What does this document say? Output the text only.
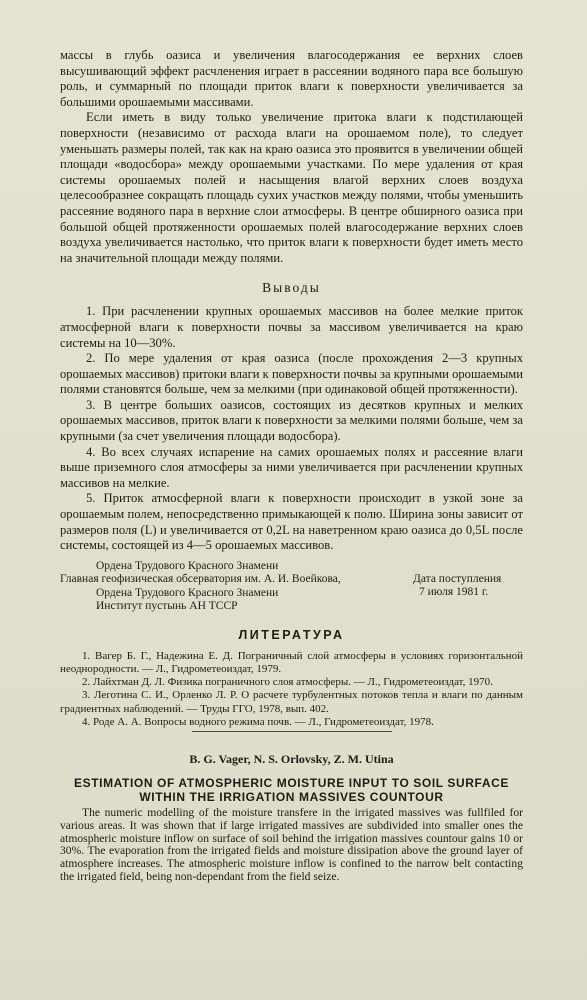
массы в глубь оазиса и увеличения влагосодержания ее верхних слоев высушивающий эффект расчленения играет в рассеянии водяного пара все большую роль, и суммарный по площади приток влаги к поверхности увеличивается за большими орошаемыми массивами.

Если иметь в виду только увеличение притока влаги к подстилающей поверхности (независимо от расхода влаги на орошаемом поле), то следует уменьшать размеры полей, так как на краю оазиса это проявится в увеличении общей площади «водосбора» между орошаемыми участками. По мере удаления от края системы орошаемых полей и насыщения влагой верхних слоев воздуха целесообразнее сокращать площадь сухих участков между полями, чтобы уменьшить рассеяние водяного пара в верхние слои атмосферы. В центре обширного оазиса при большой общей протяженности орошаемых полей влагосодержание верхних слоев воздуха увеличивается настолько, что приток влаги к поверхности будет иметь место на значительной площади между полями.

Выводы

1. При расчленении крупных орошаемых массивов на более мелкие приток атмосферной влаги к поверхности почвы за массивом увеличивается на краю системы на 10—30%.

2. По мере удаления от края оазиса (после прохождения 2—3 крупных орошаемых массивов) притоки влаги к поверхности почвы за крупными орошаемыми полями становятся больше, чем за мелкими (при одинаковой общей протяженности).

3. В центре больших оазисов, состоящих из десятков крупных и мелких орошаемых массивов, приток влаги к поверхности за мелкими полями больше, чем за крупными (за счет увеличения площади водосбора).

4. Во всех случаях испарение на самих орошаемых полях и рассеяние влаги выше приземного слоя атмосферы за ними увеличивается при расчленении крупных массивов на мелкие.

5. Приток атмосферной влаги к поверхности происходит в узкой зоне за орошаемым полем, непосредственно примыкающей к полю. Ширина зоны зависит от размеров поля (L) и увеличивается от 0,2L на наветренном краю оазиса до 0,5L после системы, состоящей из 4—5 орошаемых массивов.

Ордена Трудового Красного Знамени
Главная геофизическая обсерватория им. А. И. Воейкова,
Ордена Трудового Красного Знамени
Институт пустынь АН ТССР
Дата поступления
7 июля 1981 г.
ЛИТЕРАТУРА
1. Вагер Б. Г., Надежина Е. Д. Пограничный слой атмосферы в условиях горизонтальной неоднородности. — Л., Гидрометеоиздат, 1979.
2. Лайхтман Д. Л. Физика пограничного слоя атмосферы. — Л., Гидрометеоиздат, 1970.
3. Леготина С. И., Орленко Л. Р. О расчете турбулентных потоков тепла и влаги по данным градиентных наблюдений. — Труды ГГО, 1978, вып. 402.
4. Роде А. А. Вопросы водного режима почв. — Л., Гидрометеоиздат, 1978.
B. G. Vager, N. S. Orlovsky, Z. M. Utina
ESTIMATION OF ATMOSPHERIC MOISTURE INPUT TO SOIL SURFACE
WITHIN THE IRRIGATION MASSIVES COUNTOUR

The numeric modelling of the moisture transfere in the irrigated massives was fullfiled for various areas. It was shown that if large irrigated massives are subdivided into smaller ones the atmospheric moisture inflow on surface of soil behind the irrigation massives countour gains 10 or 30%. The evaporation from the irrigated fields and moisture dissipation above the ground layer of atmosphere increases. The atmospheric moisture inflow is confined to the narrow belt contacting the irrigated field, being non-dependant from the field seize.
